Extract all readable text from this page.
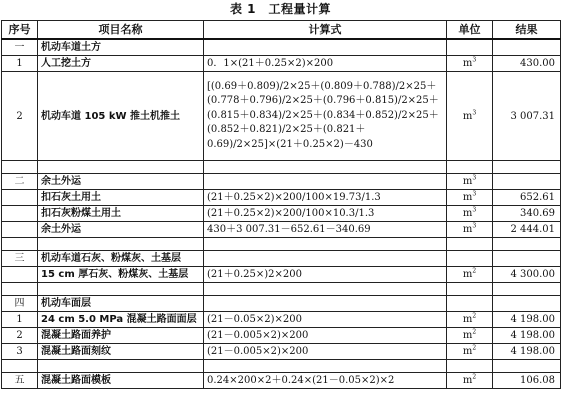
表 1　工程量计算
序号	项目名称	计算式	单位	结果
一	机动车道土方			
1	人工挖土方	0．1×(21＋0.25×2)×200	$m^3$	430.00
2	机动车道 105 kW 推土机推土	[(0.69＋0.809)/2×25＋(0.809＋0.788)/2×25＋(0.778＋0.796)/2×25＋(0.796＋0.815)/2×25＋(0.815＋0.834)/2×25＋(0.834＋0.852)/2×25＋(0.852＋0.821)/2×25＋(0.821＋0.69)/2×25]×(21＋0.25×2)－430	$m^3$	3 007.31

二	余土外运		$m^3$	
	扣石灰土用土	(21＋0.25×2)×200/100×19.73/1.3	$m^3$	652.61
	扣石灰粉煤土用土	(21＋0.25×2)×200/100×10.3/1.3	$m^3$	340.69
	余土外运	430＋3 007.31－652.61－340.69	$m^3$	2 444.01

三	机动车道石灰、粉煤灰、土基层			
	15 cm 厚石灰、粉煤灰、土基层	(21＋0.25×)2×200	$m^2$	4 300.00

四	机动车面层			
1	24 cm 5.0 MPa 混凝土路面面层	(21－0.05×2)×200	$m^2$	4 198.00
2	混凝土路面养护	(21－0.005×2)×200	$m^2$	4 198.00
3	混凝土路面刻纹	(21－0.005×2)×200	$m^2$	4 198.00

五	混凝土路面模板	0.24×200×2＋0.24×(21－0.05×2)×2	$m^2$	106.08
